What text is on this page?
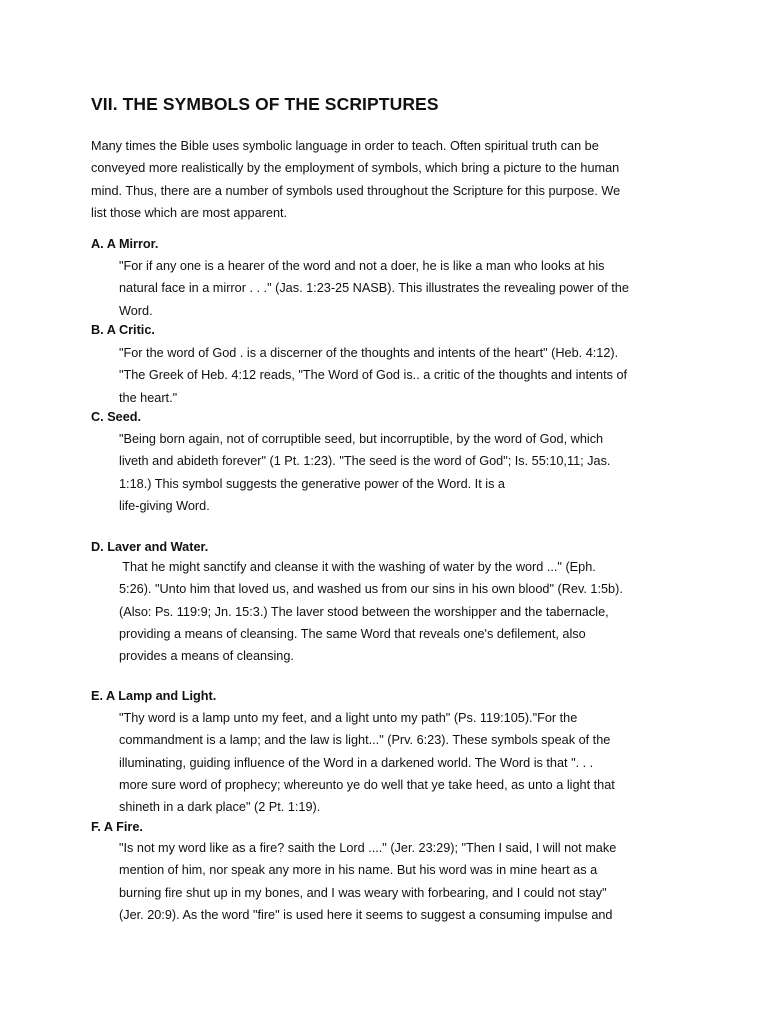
VII. THE SYMBOLS OF THE SCRIPTURES
Many times the Bible uses symbolic language in order to teach. Often spiritual truth can be
conveyed more realistically by the employment of symbols, which bring a picture to the human
mind. Thus, there are a number of symbols used throughout the Scripture for this purpose. We
list those which are most apparent.
A. A Mirror.
"For if any one is a hearer of the word and not a doer, he is like a man who looks at his
natural face in a mirror . . ." (Jas. 1:23-25 NASB). This illustrates the revealing power of the
Word.
B. A Critic.
"For the word of God . is a discerner of the thoughts and intents of the heart" (Heb. 4:12).
"The Greek of Heb. 4:12 reads, "The Word of God is.. a critic of the thoughts and intents of
the heart."
C. Seed.
"Being born again, not of corruptible seed, but incorruptible, by the word of God, which
liveth and abideth forever" (1 Pt. 1:23). "The seed is the word of God"; Is. 55:10,11; Jas.
1:18.) This symbol suggests the generative power of the Word. It is a
life-giving Word.
D. Laver and Water.
That he might sanctify and cleanse it with the washing of water by the word ..." (Eph.
5:26). "Unto him that loved us, and washed us from our sins in his own blood" (Rev. 1:5b).
(Also: Ps. 119:9; Jn. 15:3.) The laver stood between the worshipper and the tabernacle,
providing a means of cleansing. The same Word that reveals one's defilement, also
provides a means of cleansing.
E. A Lamp and Light.
"Thy word is a lamp unto my feet, and a light unto my path" (Ps. 119:105)."For the
commandment is a lamp; and the law is light..." (Prv. 6:23). These symbols speak of the
illuminating, guiding influence of the Word in a darkened world. The Word is that ". . .
more sure word of prophecy; whereunto ye do well that ye take heed, as unto a light that
shineth in a dark place" (2 Pt. 1:19).
F. A Fire.
"Is not my word like as a fire? saith the Lord ...." (Jer. 23:29); "Then I said, I will not make
mention of him, nor speak any more in his name. But his word was in mine heart as a
burning fire shut up in my bones, and I was weary with forbearing, and I could not stay"
(Jer. 20:9). As the word "fire" is used here it seems to suggest a consuming impulse and
